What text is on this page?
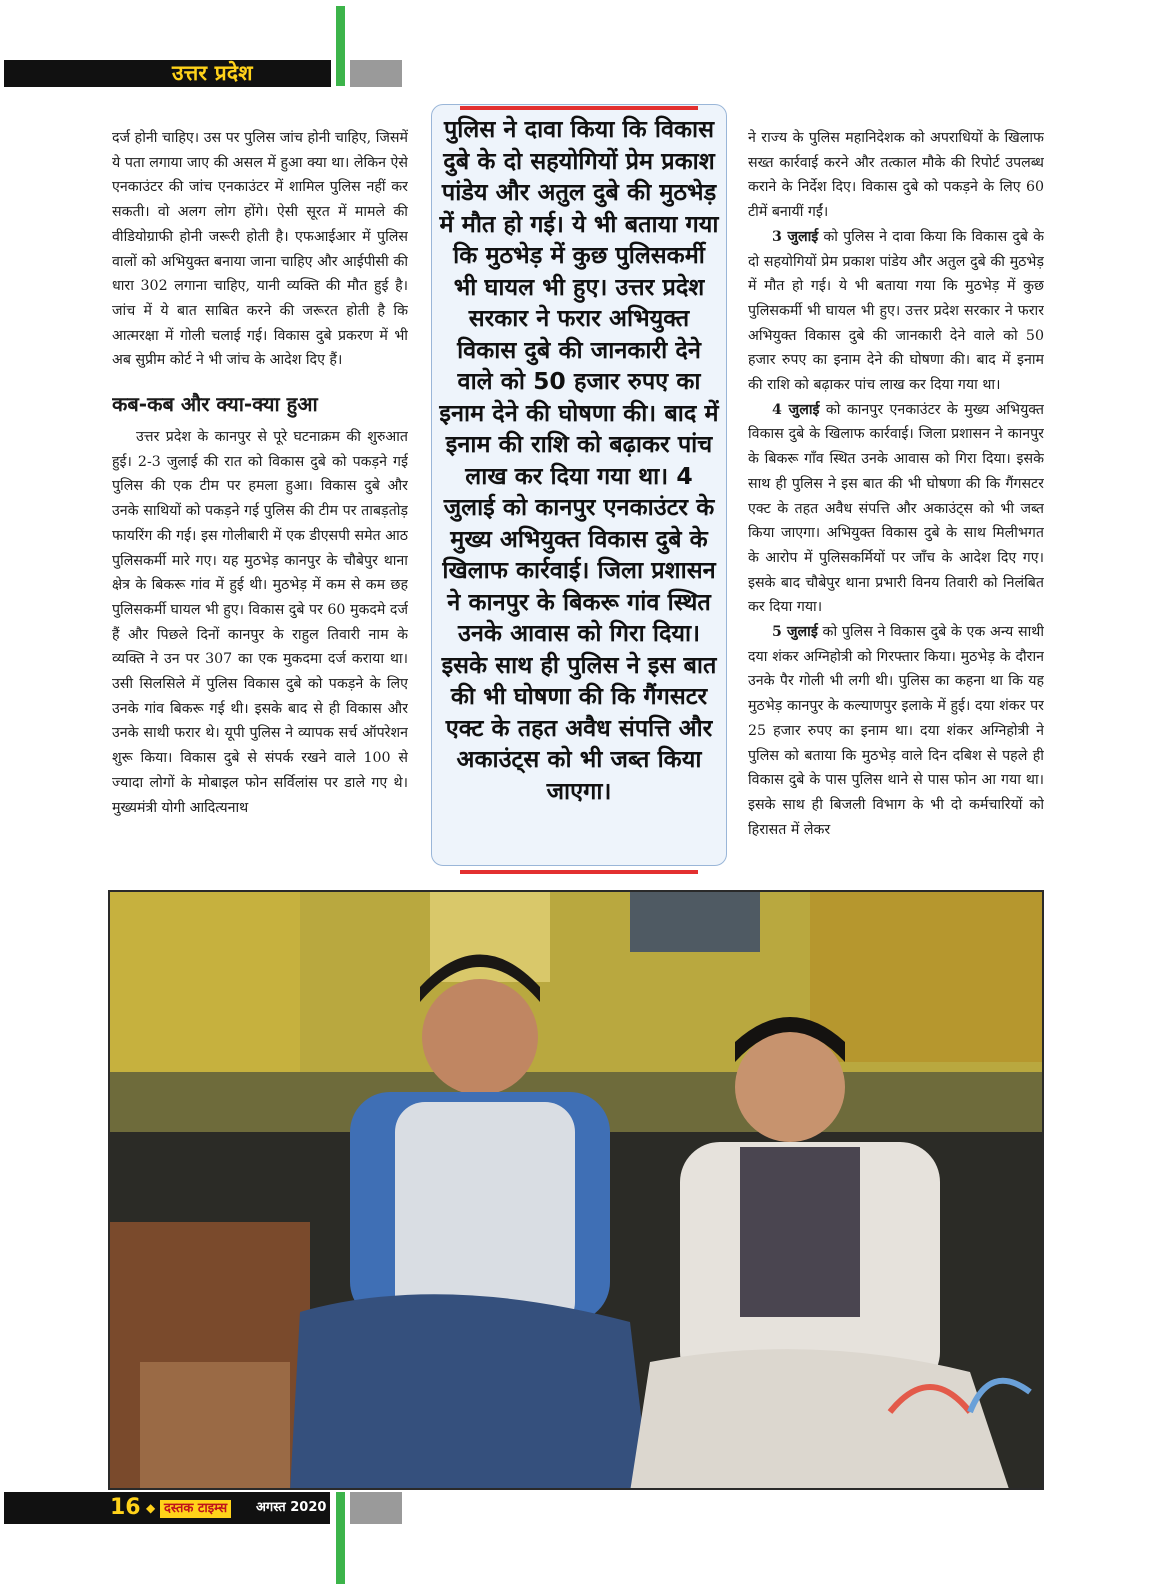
उत्तर प्रदेश

दर्ज होनी चाहिए। उस पर पुलिस जांच होनी चाहिए, जिसमें ये पता लगाया जाए की असल में हुआ क्या था। लेकिन ऐसे एनकाउंटर की जांच एनकाउंटर में शामिल पुलिस नहीं कर सकती। वो अलग लोग होंगे। ऐसी सूरत में मामले की वीडियोग्राफी होनी जरूरी होती है। एफआईआर में पुलिस वालों को अभियुक्त बनाया जाना चाहिए और आईपीसी की धारा 302 लगाना चाहिए, यानी व्यक्ति की मौत हुई है। जांच में ये बात साबित करने की जरूरत होती है कि आत्मरक्षा में गोली चलाई गई। विकास दुबे प्रकरण में भी अब सुप्रीम कोर्ट ने भी जांच के आदेश दिए हैं।

कब-कब और क्या-क्या हुआ

उत्तर प्रदेश के कानपुर से पूरे घटनाक्रम की शुरुआत हुई। 2-3 जुलाई की रात को विकास दुबे को पकड़ने गई पुलिस की एक टीम पर हमला हुआ। विकास दुबे और उनके साथियों को पकड़ने गई पुलिस की टीम पर ताबड़तोड़ फायरिंग की गई। इस गोलीबारी में एक डीएसपी समेत आठ पुलिसकर्मी मारे गए। यह मुठभेड़ कानपुर के चौबेपुर थाना क्षेत्र के बिकरू गांव में हुई थी। मुठभेड़ में कम से कम छह पुलिसकर्मी घायल भी हुए। विकास दुबे पर 60 मुकदमे दर्ज हैं और पिछले दिनों कानपुर के राहुल तिवारी नाम के व्यक्ति ने उन पर 307 का एक मुकदमा दर्ज कराया था। उसी सिलसिले में पुलिस विकास दुबे को पकड़ने के लिए उनके गांव बिकरू गई थी। इसके बाद से ही विकास और उनके साथी फरार थे। यूपी पुलिस ने व्यापक सर्च ऑपरेशन शुरू किया। विकास दुबे से संपर्क रखने वाले 100 से ज्यादा लोगों के मोबाइल फोन सर्विलांस पर डाले गए थे। मुख्यमंत्री योगी आदित्यनाथ

पुलिस ने दावा किया कि विकास दुबे के दो सहयोगियों प्रेम प्रकाश पांडेय और अतुल दुबे की मुठभेड़ में मौत हो गई। ये भी बताया गया कि मुठभेड़ में कुछ पुलिसकर्मी भी घायल भी हुए। उत्तर प्रदेश सरकार ने फरार अभियुक्त विकास दुबे की जानकारी देने वाले को 50 हजार रुपए का इनाम देने की घोषणा की। बाद में इनाम की राशि को बढ़ाकर पांच लाख कर दिया गया था। 4 जुलाई को कानपुर एनकाउंटर के मुख्य अभियुक्त विकास दुबे के खिलाफ कार्रवाई। जिला प्रशासन ने कानपुर के बिकरू गांव स्थित उनके आवास को गिरा दिया। इसके साथ ही पुलिस ने इस बात की भी घोषणा की कि गैंगसटर एक्ट के तहत अवैध संपत्ति और अकाउंट्स को भी जब्त किया जाएगा।

ने राज्य के पुलिस महानिदेशक को अपराधियों के खिलाफ सख्त कार्रवाई करने और तत्काल मौके की रिपोर्ट उपलब्ध कराने के निर्देश दिए। विकास दुबे को पकड़ने के लिए 60 टीमें बनायीं गईं।

3 जुलाई को पुलिस ने दावा किया कि विकास दुबे के दो सहयोगियों प्रेम प्रकाश पांडेय और अतुल दुबे की मुठभेड़ में मौत हो गई। ये भी बताया गया कि मुठभेड़ में कुछ पुलिसकर्मी भी घायल भी हुए। उत्तर प्रदेश सरकार ने फरार अभियुक्त विकास दुबे की जानकारी देने वाले को 50 हजार रुपए का इनाम देने की घोषणा की। बाद में इनाम की राशि को बढ़ाकर पांच लाख कर दिया गया था।

4 जुलाई को कानपुर एनकाउंटर के मुख्य अभियुक्त विकास दुबे के खिलाफ कार्रवाई। जिला प्रशासन ने कानपुर के बिकरू गाँव स्थित उनके आवास को गिरा दिया। इसके साथ ही पुलिस ने इस बात की भी घोषणा की कि गैंगसटर एक्ट के तहत अवैध संपत्ति और अकाउंट्स को भी जब्त किया जाएगा। अभियुक्त विकास दुबे के साथ मिलीभगत के आरोप में पुलिसकर्मियों पर जाँच के आदेश दिए गए। इसके बाद चौबेपुर थाना प्रभारी विनय तिवारी को निलंबित कर दिया गया।

5 जुलाई को पुलिस ने विकास दुबे के एक अन्य साथी दया शंकर अग्निहोत्री को गिरफ्तार किया। मुठभेड़ के दौरान उनके पैर गोली भी लगी थी। पुलिस का कहना था कि यह मुठभेड़ कानपुर के कल्याणपुर इलाके में हुई। दया शंकर पर 25 हजार रुपए का इनाम था। दया शंकर अग्निहोत्री ने पुलिस को बताया कि मुठभेड़ वाले दिन दबिश से पहले ही विकास दुबे के पास पुलिस थाने से पास फोन आ गया था। इसके साथ ही बिजली विभाग के भी दो कर्मचारियों को हिरासत में लेकर

16 ◆ दस्तक टाइम्स	अगस्त 2020
